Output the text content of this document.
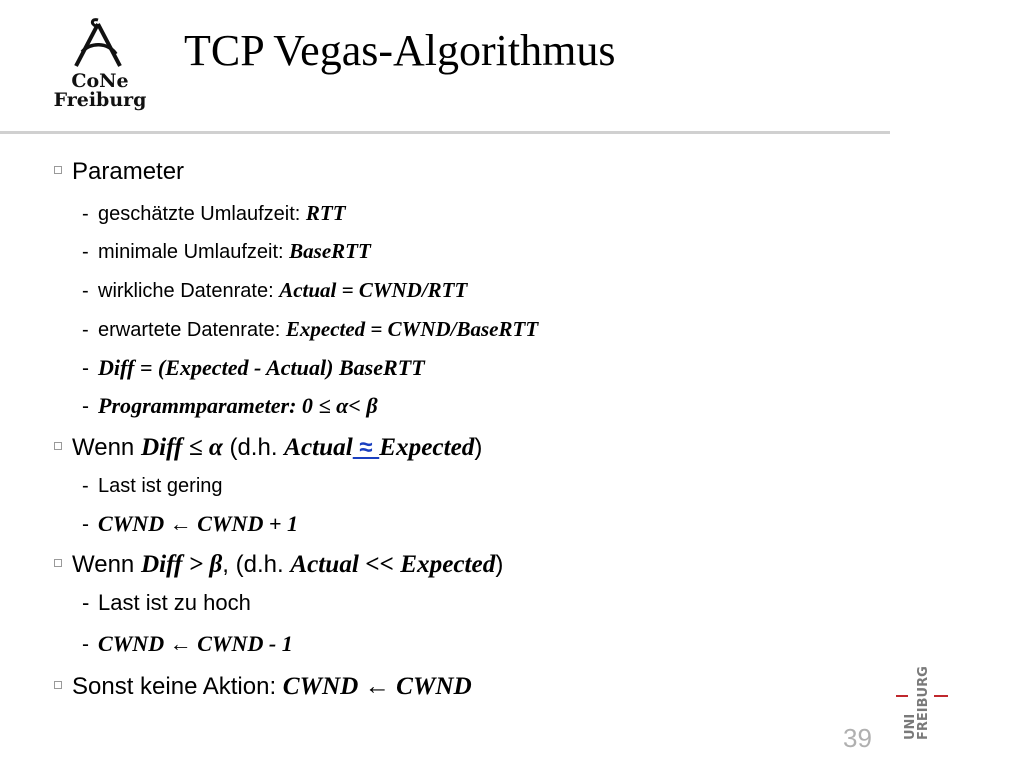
CoNe
Freiburg
TCP Vegas-Algorithmus
Parameter
- geschätzte Umlaufzeit: RTT
- minimale Umlaufzeit: BaseRTT
- wirkliche Datenrate: Actual = CWND/RTT
- erwartete Datenrate: Expected = CWND/BaseRTT
- Diff = (Expected - Actual) BaseRTT
- Programmparameter: 0 ≤ α< β
Wenn Diff ≤ α (d.h. Actual ≈ Expected)
- Last ist gering
- CWND ← CWND + 1
Wenn Diff > β, (d.h. Actual << Expected)
- Last ist zu hoch
- CWND ← CWND - 1
Sonst keine Aktion: CWND ← CWND
39 UNI
FREIBURG
